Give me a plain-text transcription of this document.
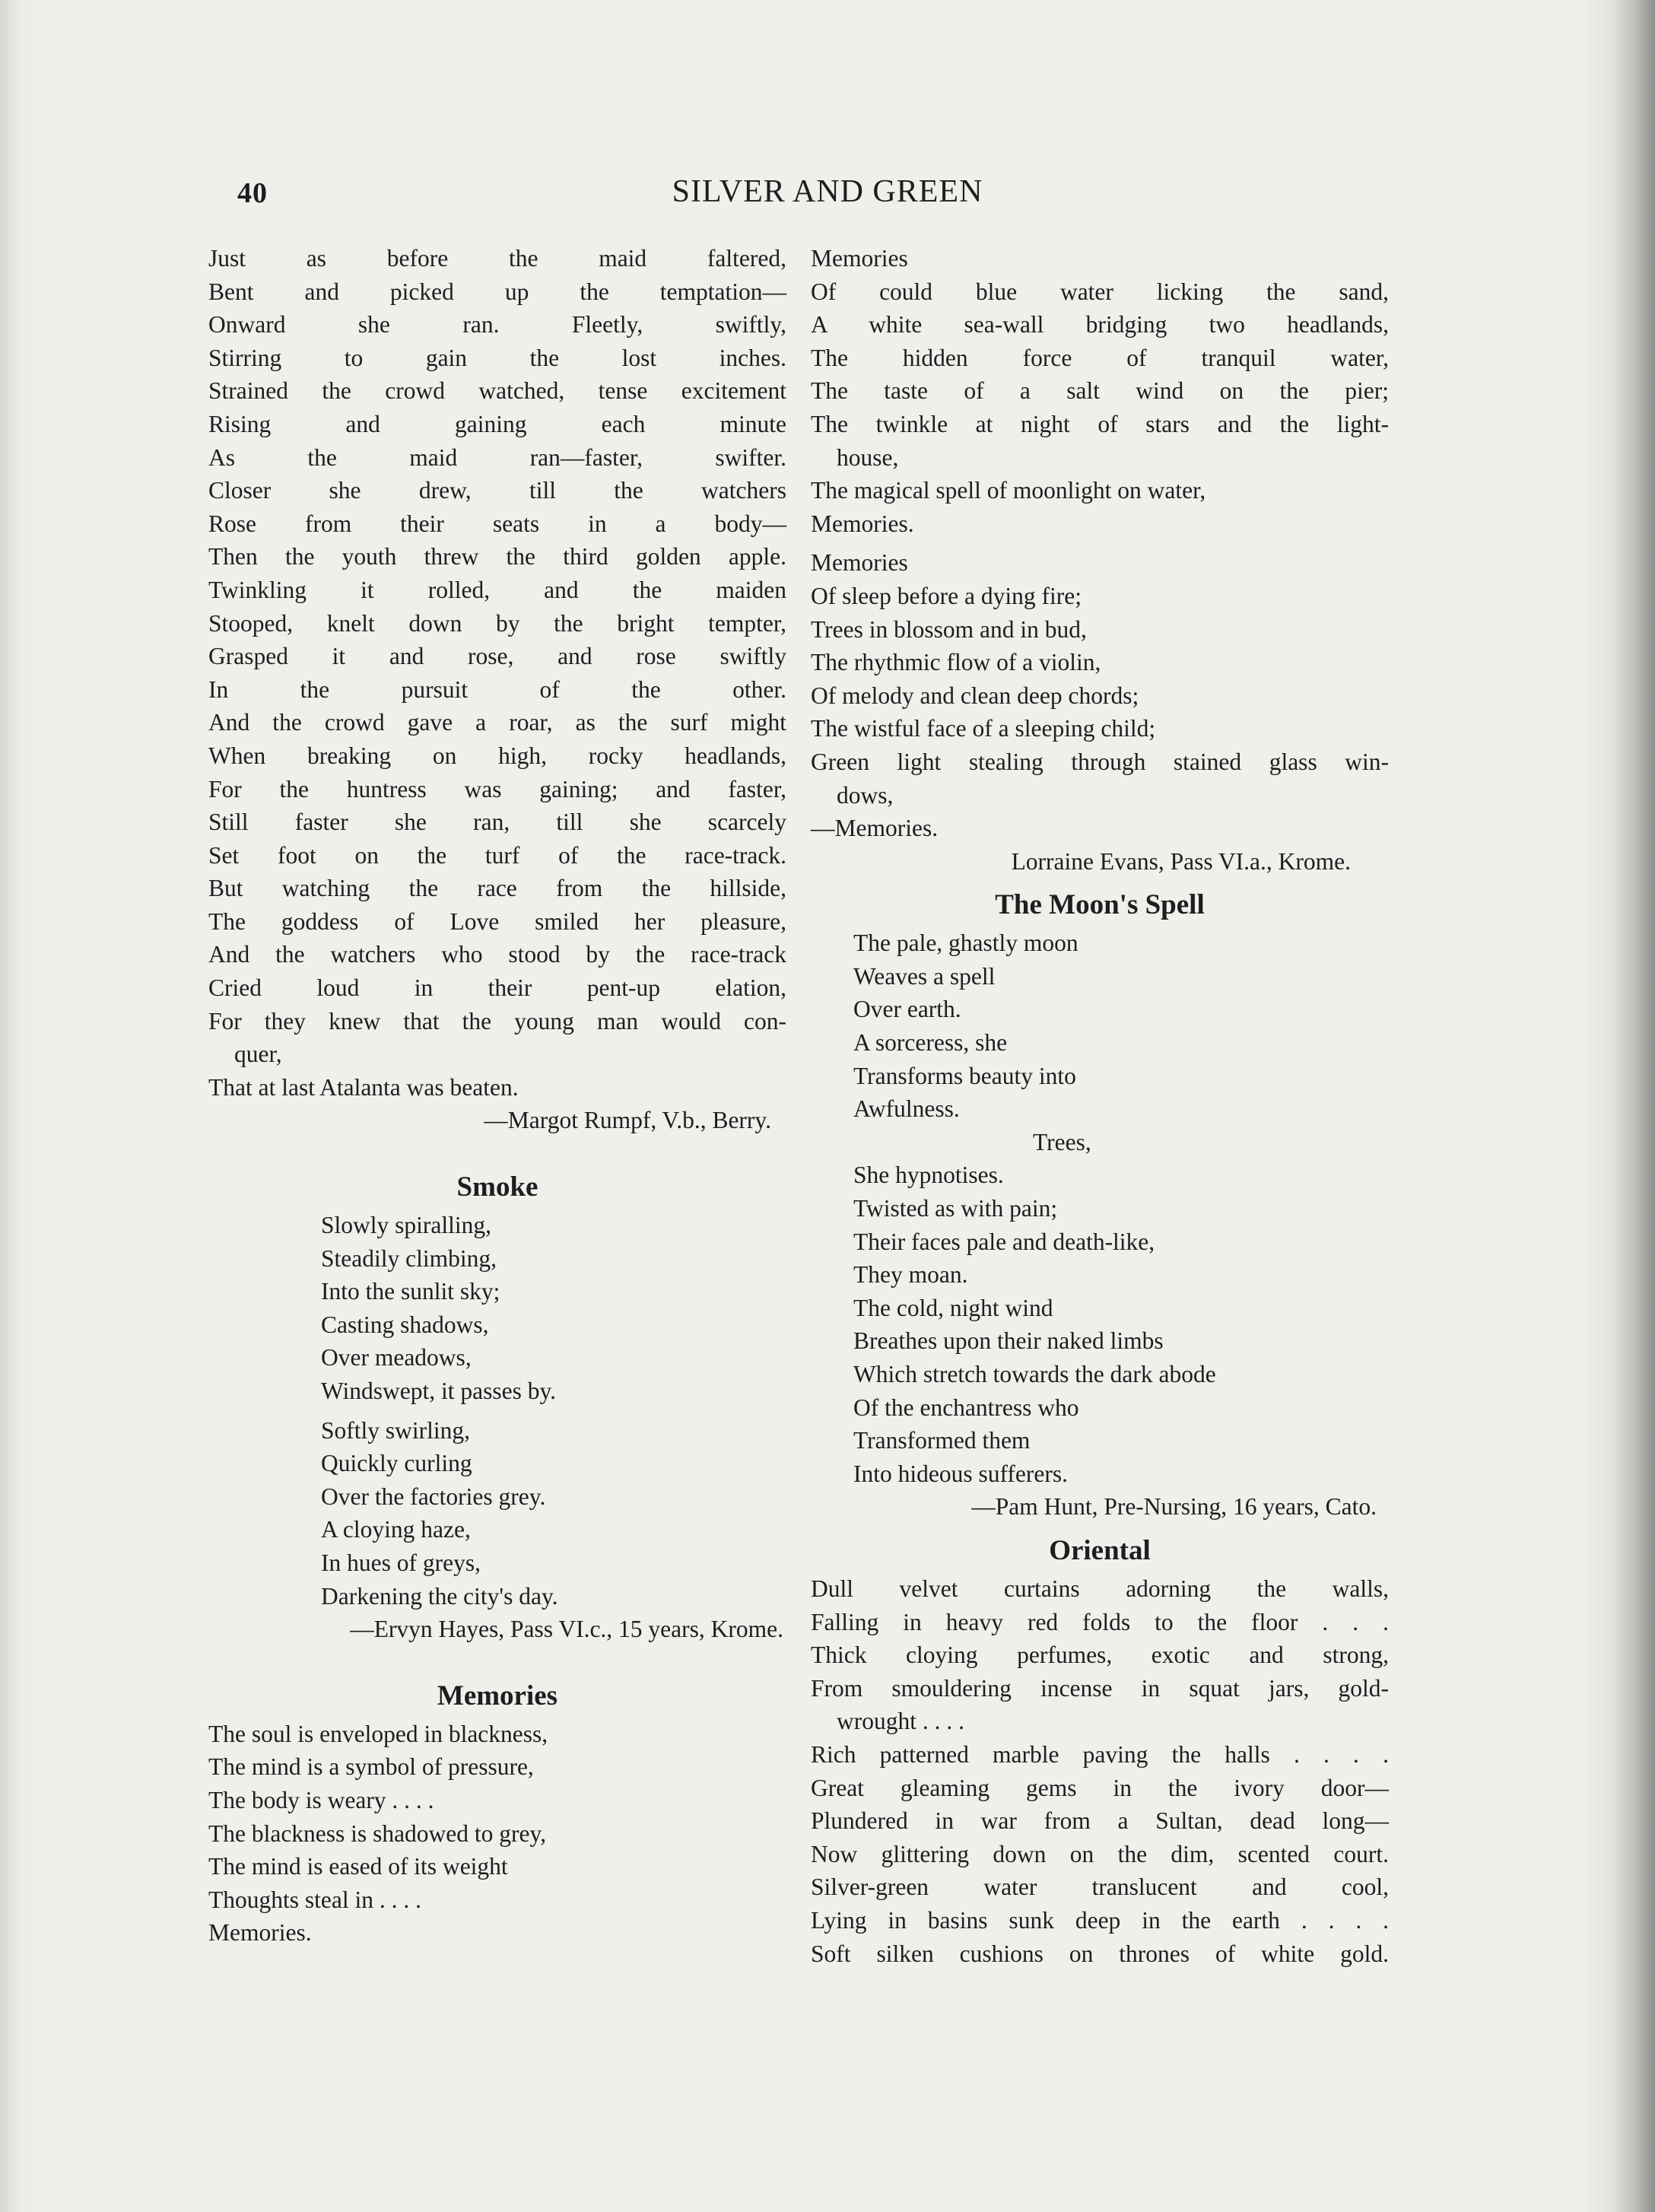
40	SILVER AND GREEN
Just as before the maid faltered,
Bent and picked up the temptation—
Onward she ran. Fleetly, swiftly,
Stirring to gain the lost inches.
Strained the crowd watched, tense excitement
Rising and gaining each minute
As the maid ran—faster, swifter.
Closer she drew, till the watchers
Rose from their seats in a body—
Then the youth threw the third golden apple.
Twinkling it rolled, and the maiden
Stooped, knelt down by the bright tempter,
Grasped it and rose, and rose swiftly
In the pursuit of the other.
And the crowd gave a roar, as the surf might
When breaking on high, rocky headlands,
For the huntress was gaining; and faster,
Still faster she ran, till she scarcely
Set foot on the turf of the race-track.
But watching the race from the hillside,
The goddess of Love smiled her pleasure,
And the watchers who stood by the race-track
Cried loud in their pent-up elation,
For they knew that the young man would con-
quer,
That at last Atalanta was beaten.
—Margot Rumpf, V.b., Berry.
Smoke
Slowly spiralling,
Steadily climbing,
Into the sunlit sky;
Casting shadows,
Over meadows,
Windswept, it passes by.
Softly swirling,
Quickly curling
Over the factories grey.
A cloying haze,
In hues of greys,
Darkening the city's day.
—Ervyn Hayes, Pass VI.c., 15 years, Krome.
Memories
The soul is enveloped in blackness,
The mind is a symbol of pressure,
The body is weary . . . .
The blackness is shadowed to grey,
The mind is eased of its weight
Thoughts steal in . . . .
Memories.
Memories
Of could blue water licking the sand,
A white sea-wall bridging two headlands,
The hidden force of tranquil water,
The taste of a salt wind on the pier;
The twinkle at night of stars and the light-
house,
The magical spell of moonlight on water,
Memories.
Memories
Of sleep before a dying fire;
Trees in blossom and in bud,
The rhythmic flow of a violin,
Of melody and clean deep chords;
The wistful face of a sleeping child;
Green light stealing through stained glass win-
dows,
—Memories.
Lorraine Evans, Pass VI.a., Krome.
The Moon's Spell
The pale, ghastly moon
Weaves a spell
Over earth.
A sorceress, she
Transforms beauty into
Awfulness.
Trees,
She hypnotises.
Twisted as with pain;
Their faces pale and death-like,
They moan.
The cold, night wind
Breathes upon their naked limbs
Which stretch towards the dark abode
Of the enchantress who
Transformed them
Into hideous sufferers.
—Pam Hunt, Pre-Nursing, 16 years, Cato.
Oriental
Dull velvet curtains adorning the walls,
Falling in heavy red folds to the floor . . .
Thick cloying perfumes, exotic and strong,
From smouldering incense in squat jars, gold-
wrought . . . .
Rich patterned marble paving the halls . . . .
Great gleaming gems in the ivory door—
Plundered in war from a Sultan, dead long—
Now glittering down on the dim, scented court.
Silver-green water translucent and cool,
Lying in basins sunk deep in the earth . . . .
Soft silken cushions on thrones of white gold.
